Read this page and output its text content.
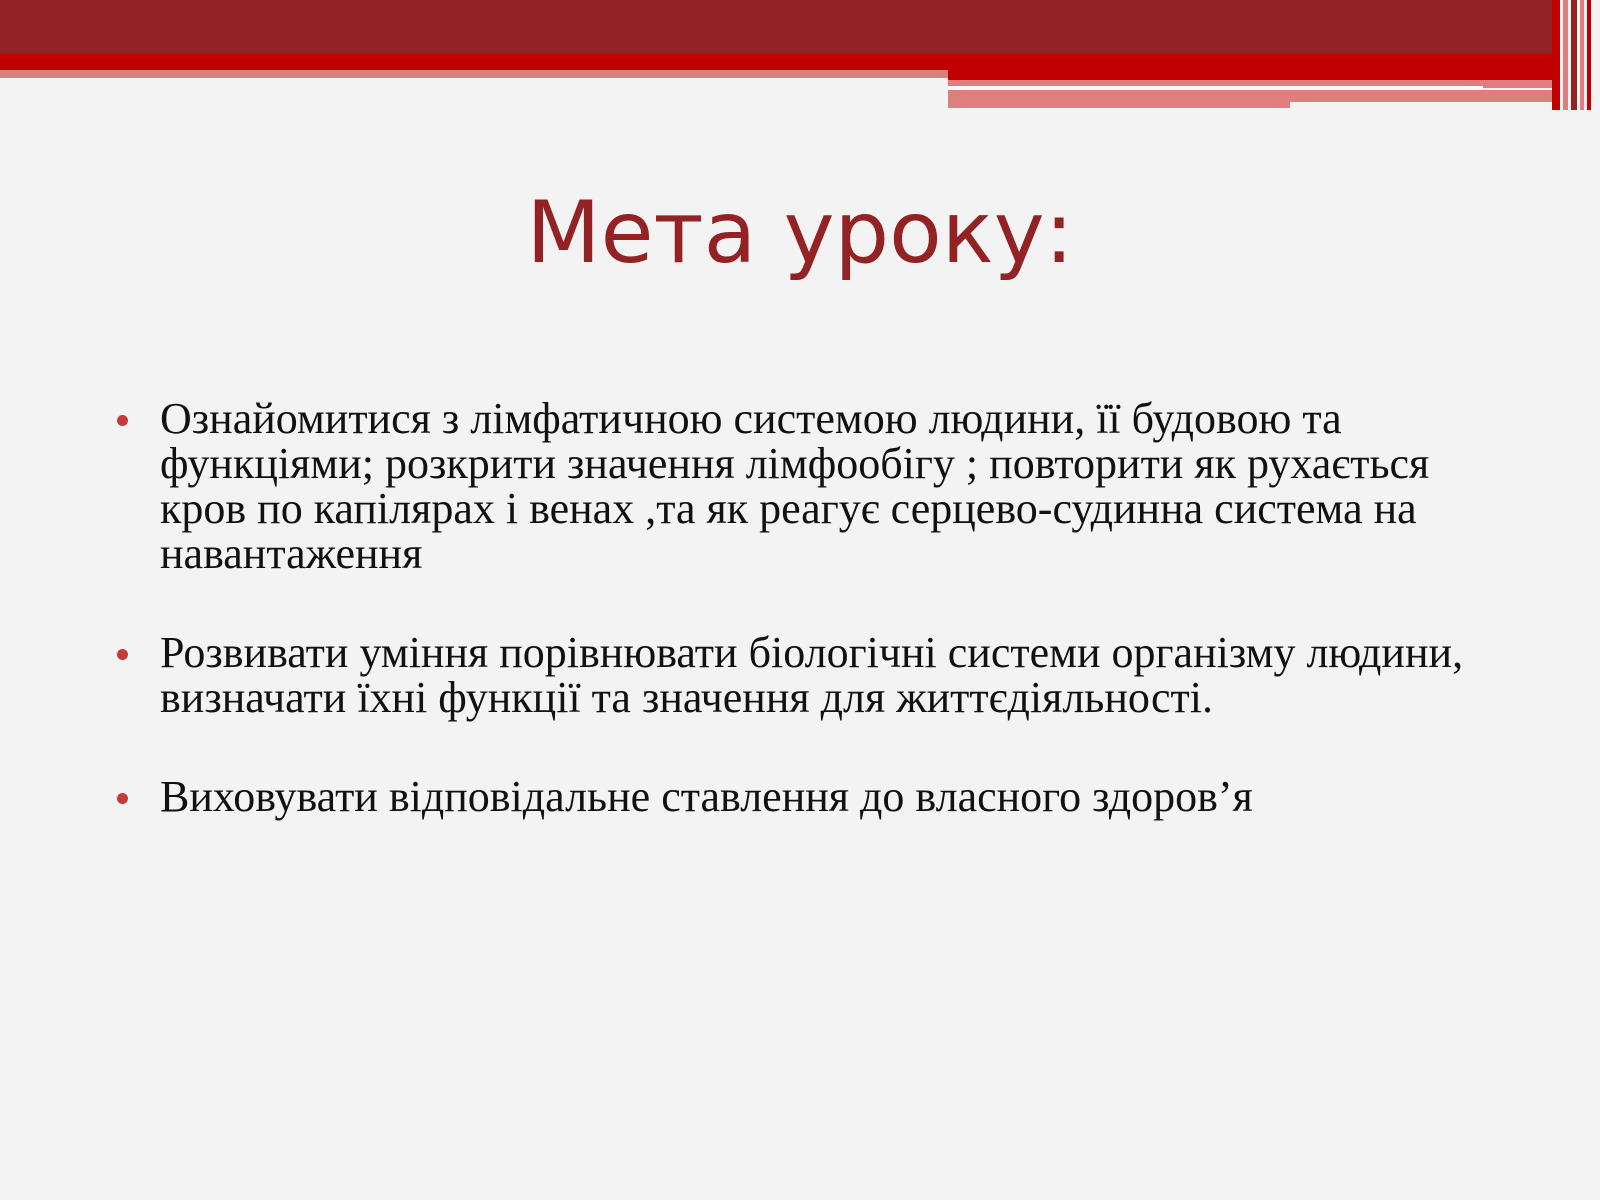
Мета уроку:
Ознайомитися з лімфатичною системою людини, її будовою та функціями; розкрити значення лімфообігу ; повторити як рухається кров по капілярах і венах ,та як реагує серцево-судинна система на навантаження
Розвивати уміння порівнювати біологічні системи організму людини, визначати їхні функції та значення для життєдіяльності.
Виховувати відповідальне ставлення до власного здоров’я
